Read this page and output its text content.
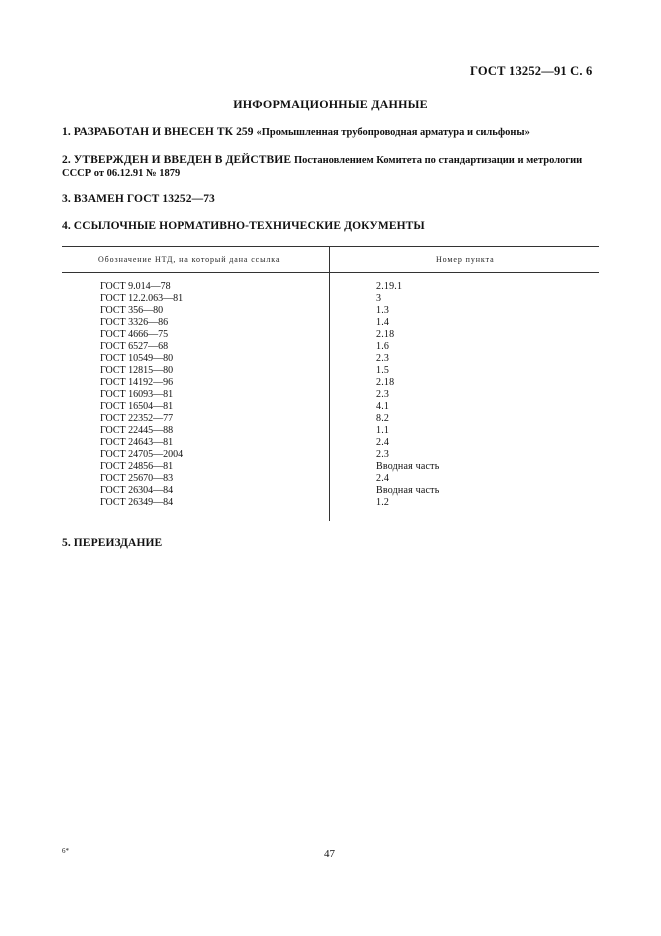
ГОСТ 13252—91 С. 6
ИНФОРМАЦИОННЫЕ ДАННЫЕ
1. РАЗРАБОТАН И ВНЕСЕН ТК 259 «Промышленная трубопроводная арматура и сильфоны»
2. УТВЕРЖДЕН И ВВЕДЕН В ДЕЙСТВИЕ Постановлением Комитета по стандартизации и метрологии СССР от 06.12.91 № 1879
3. ВЗАМЕН ГОСТ 13252—73
4. ССЫЛОЧНЫЕ НОРМАТИВНО-ТЕХНИЧЕСКИЕ ДОКУМЕНТЫ
Обозначение НТД, на который дана ссылка	Номер пункта
ГОСТ 9.014—78	2.19.1
ГОСТ 12.2.063—81	3
ГОСТ 356—80	1.3
ГОСТ 3326—86	1.4
ГОСТ 4666—75	2.18
ГОСТ 6527—68	1.6
ГОСТ 10549—80	2.3
ГОСТ 12815—80	1.5
ГОСТ 14192—96	2.18
ГОСТ 16093—81	2.3
ГОСТ 16504—81	4.1
ГОСТ 22352—77	8.2
ГОСТ 22445—88	1.1
ГОСТ 24643—81	2.4
ГОСТ 24705—2004	2.3
ГОСТ 24856—81	Вводная часть
ГОСТ 25670—83	2.4
ГОСТ 26304—84	Вводная часть
ГОСТ 26349—84	1.2
5. ПЕРЕИЗДАНИЕ
6*	47
